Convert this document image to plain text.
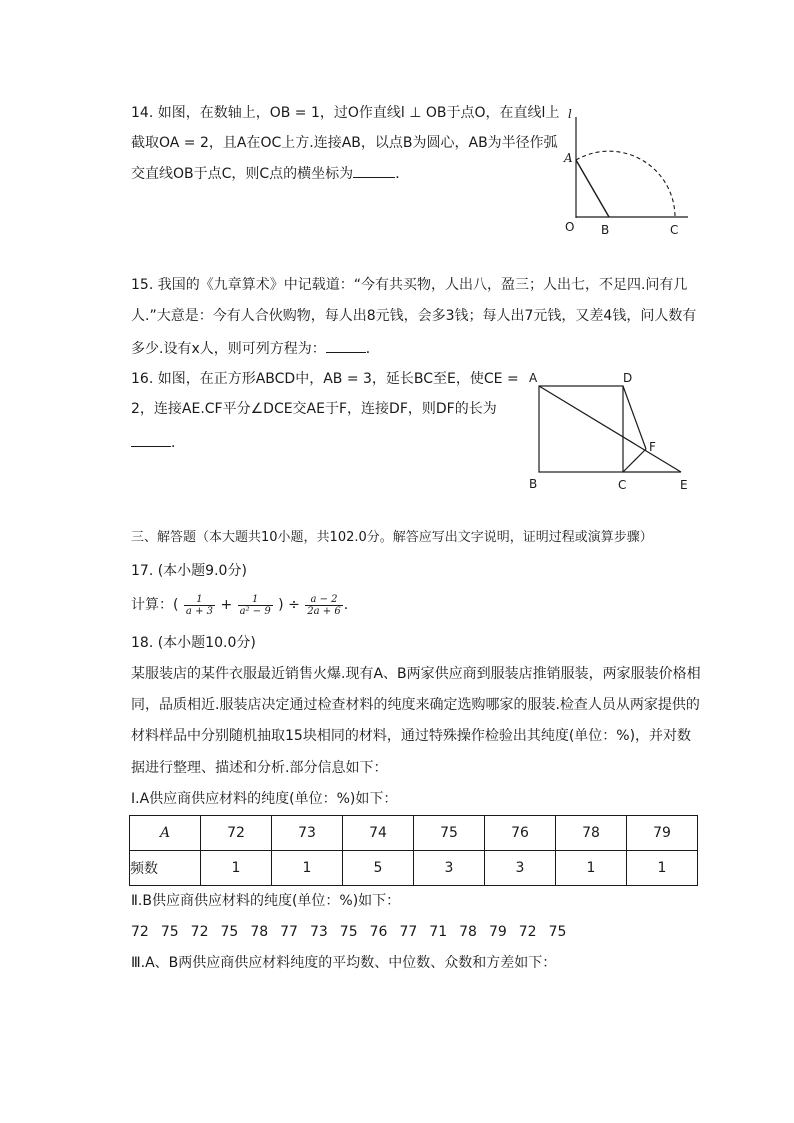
14. 如图，在数轴上，OB = 1，过O作直线l ⊥ OB于点O，在直线l上
截取OA = 2，且A在OC上方.连接AB，以点B为圆心，AB为半径作弧
交直线OB于点C，则C点的横坐标为	．
l
A
O B	C
15. 我国的《九章算术》中记载道：“今有共买物，人出八，盈三；人出七，不足四.问有几
人.”大意是：今有人合伙购物，每人出8元钱，会多3钱；每人出7元钱，又差4钱，问人数有
多少.设有x人，则可列方程为：	．
16. 如图，在正方形ABCD中，AB = 3，延长BC至E，使CE =
2，连接AE.CF平分∠DCE交AE于F，连接DF，则DF的长为
．
A	D
F
B	C	E
三、解答题（本大题共10小题，共102.0分。解答应写出文字说明，证明过程或演算步骤）
17. (本小题9.0分)
计算：( $\frac{1}{a + 3} + \frac{1}{\text{a² − 9}}$ ) ÷ $\frac{a - 2}{2a + 6}$ .
18. (本小题10.0分)
某服装店的某件衣服最近销售火爆.现有A、B两家供应商到服装店推销服装，两家服装价格相
同，品质相近.服装店决定通过检查材料的纯度来确定选购哪家的服装.检查人员从两家提供的
材料样品中分别随机抽取15块相同的材料，通过特殊操作检验出其纯度(单位：%)，并对数
据进行整理、描述和分析.部分信息如下：
Ⅰ.A供应商供应材料的纯度(单位：%)如下：
A	72	73	74	75	76	78	79
频数	1	1	5	3	3	1	1
Ⅱ.B供应商供应材料的纯度(单位：%)如下：
72 75 72 75 78 77 73 75 76 77 71 78 79 72 75
Ⅲ.A、B两供应商供应材料纯度的平均数、中位数、众数和方差如下：
